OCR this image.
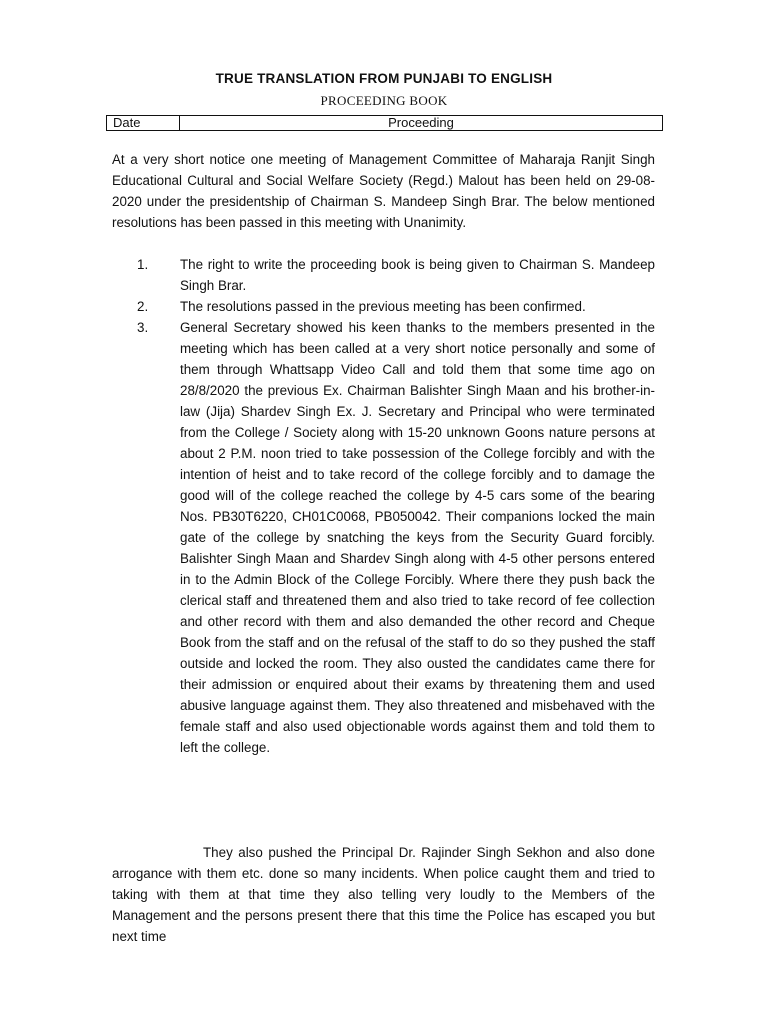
TRUE TRANSLATION FROM PUNJABI TO ENGLISH
PROCEEDING BOOK
Date	Proceeding
At a very short notice one meeting of Management Committee of Maharaja Ranjit Singh Educational Cultural and Social Welfare Society (Regd.) Malout has been held on 29-08-2020 under the presidentship of Chairman S. Mandeep Singh Brar. The below mentioned resolutions has been passed in this meeting with Unanimity.
1.	The right to write the proceeding book is being given to Chairman S. Mandeep Singh Brar.
2.	The resolutions passed in the previous meeting has been confirmed.
3.	General Secretary showed his keen thanks to the members presented in the meeting which has been called at a very short notice personally and some of them through Whattsapp Video Call and told them that some time ago on 28/8/2020 the previous Ex. Chairman Balishter Singh Maan and his brother-in-law (Jija) Shardev Singh Ex. J. Secretary and Principal who were terminated from the College / Society along with 15-20 unknown Goons nature persons at about 2 P.M. noon tried to take possession of the College forcibly and with the intention of heist and to take record of the college forcibly and to damage the good will of the college reached the college by 4-5 cars some of the bearing Nos. PB30T6220, CH01C0068, PB050042. Their companions locked the main gate of the college by snatching the keys from the Security Guard forcibly. Balishter Singh Maan and Shardev Singh along with 4-5 other persons entered in to the Admin Block of the College Forcibly. Where there they push back the clerical staff and threatened them and also tried to take record of fee collection and other record with them and also demanded the other record and Cheque Book from the staff and on the refusal of the staff to do so they pushed the staff outside and locked the room. They also ousted the candidates came there for their admission or enquired about their exams by threatening them and used abusive language against them. They also threatened and misbehaved with the female staff and also used objectionable words against them and told them to left the college.
They also pushed the Principal Dr. Rajinder Singh Sekhon and also done arrogance with them etc. done so many incidents. When police caught them and tried to taking with them at that time they also telling very loudly to the Members of the Management and the persons present there that this time the Police has escaped you but next time
